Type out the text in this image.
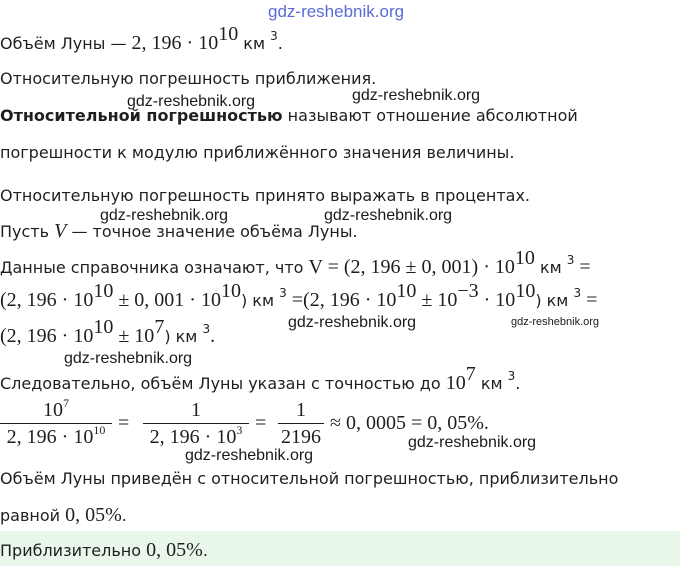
gdz-reshebnik.org
gdz-reshebnik.org	gdz-reshebnik.org
gdz-reshebnik.org	gdz-reshebnik.org
gdz-reshebnik.org	gdz-reshebnik.org
gdz-reshebnik.org
gdz-reshebnik.org
gdz-reshebnik.org
Объём Луны — 2, $196 \cdot 10^{10}$ км $^3$.
Относительную погрешность приближения.
Относительной погрешностью называют отношение абсолютной
погрешности к модулю приближённого значения величины.
Относительную погрешность принято выражать в процентах.
Пусть V — точное значение объёма Луны.
Данные справочника означают, что V = (2, 196 ± 0, $001) \cdot 10^{10}$ км $^3$ =
(2, $196 \cdot 10^{10} \pm 0$, $001 \cdot 10^{10}$) км $^3$ =(2, $196 \cdot 10^{10} \pm 10^{-3} \cdot 10^{10}$) км $^3$ =
(2, $196 \cdot 10^{10} \pm 10^7$) км $^3$.
Следовательно, объём Луны указан с точностью до $10^7$ км $^3$.
$10^7$
2, $196 \cdot 10^{10}$ =
1
2, $196 \cdot 10^3$ =
1
2196
≈ 0, 0005 = 0, 05%.
Объём Луны приведён с относительной погрешностью, приблизительно
равной 0, 05%.
Приблизительно 0, 05%.
